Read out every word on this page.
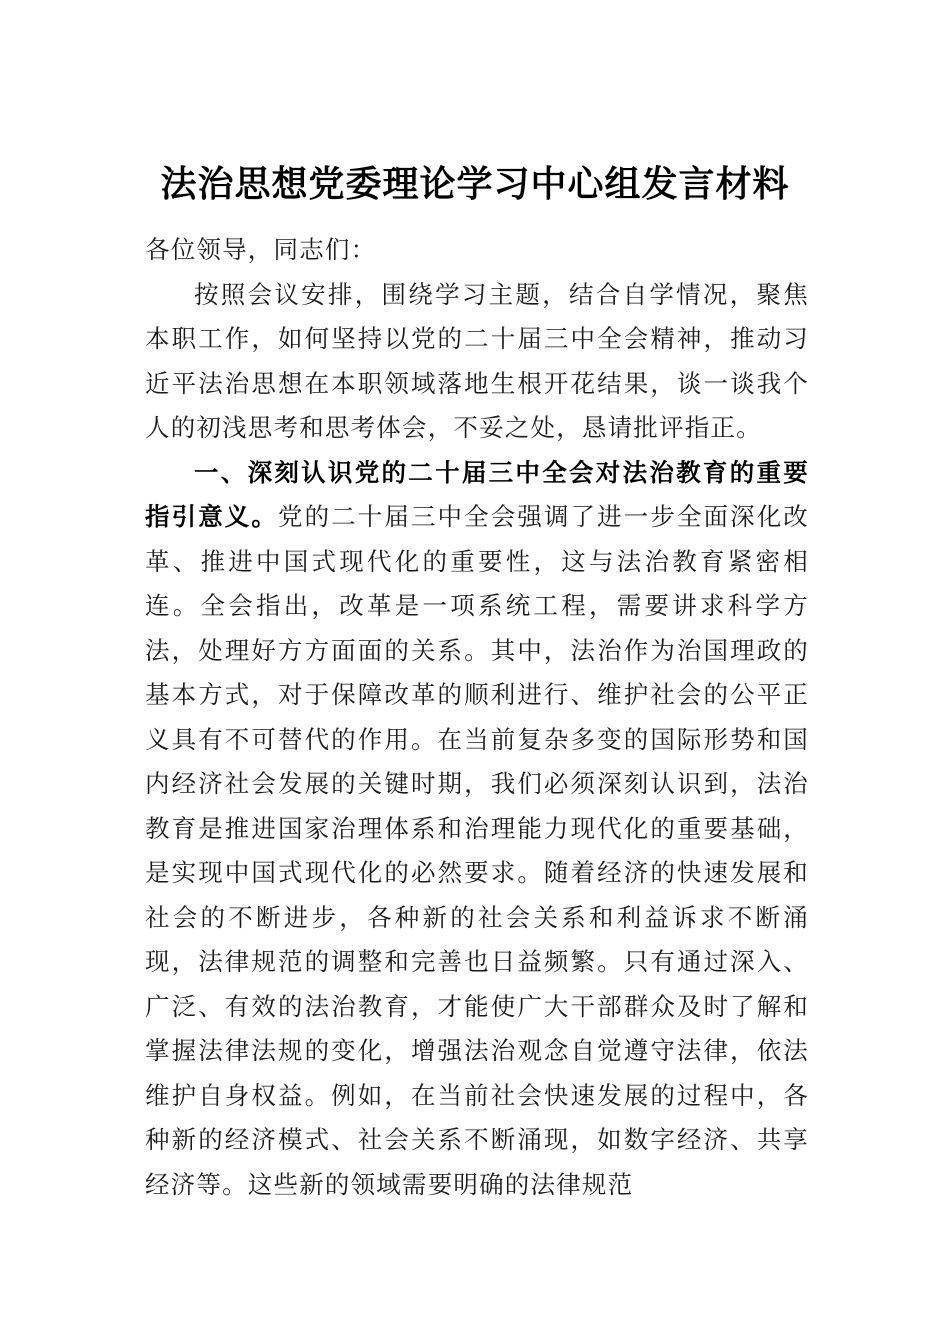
法治思想党委理论学习中心组发言材料

各位领导，同志们：

按照会议安排，围绕学习主题，结合自学情况，聚焦本职工作，如何坚持以党的二十届三中全会精神，推动习近平法治思想在本职领域落地生根开花结果，谈一谈我个人的初浅思考和思考体会，不妥之处，恳请批评指正。

一、深刻认识党的二十届三中全会对法治教育的重要指引意义。党的二十届三中全会强调了进一步全面深化改革、推进中国式现代化的重要性，这与法治教育紧密相连。全会指出，改革是一项系统工程，需要讲求科学方法，处理好方方面面的关系。其中，法治作为治国理政的基本方式，对于保障改革的顺利进行、维护社会的公平正义具有不可替代的作用。在当前复杂多变的国际形势和国内经济社会发展的关键时期，我们必须深刻认识到，法治教育是推进国家治理体系和治理能力现代化的重要基础，是实现中国式现代化的必然要求。随着经济的快速发展和社会的不断进步，各种新的社会关系和利益诉求不断涌现，法律规范的调整和完善也日益频繁。只有通过深入、广泛、有效的法治教育，才能使广大干部群众及时了解和掌握法律法规的变化，增强法治观念自觉遵守法律，依法维护自身权益。例如，在当前社会快速发展的过程中，各种新的经济模式、社会关系不断涌现，如数字经济、共享经济等。这些新的领域需要明确的法律规范
